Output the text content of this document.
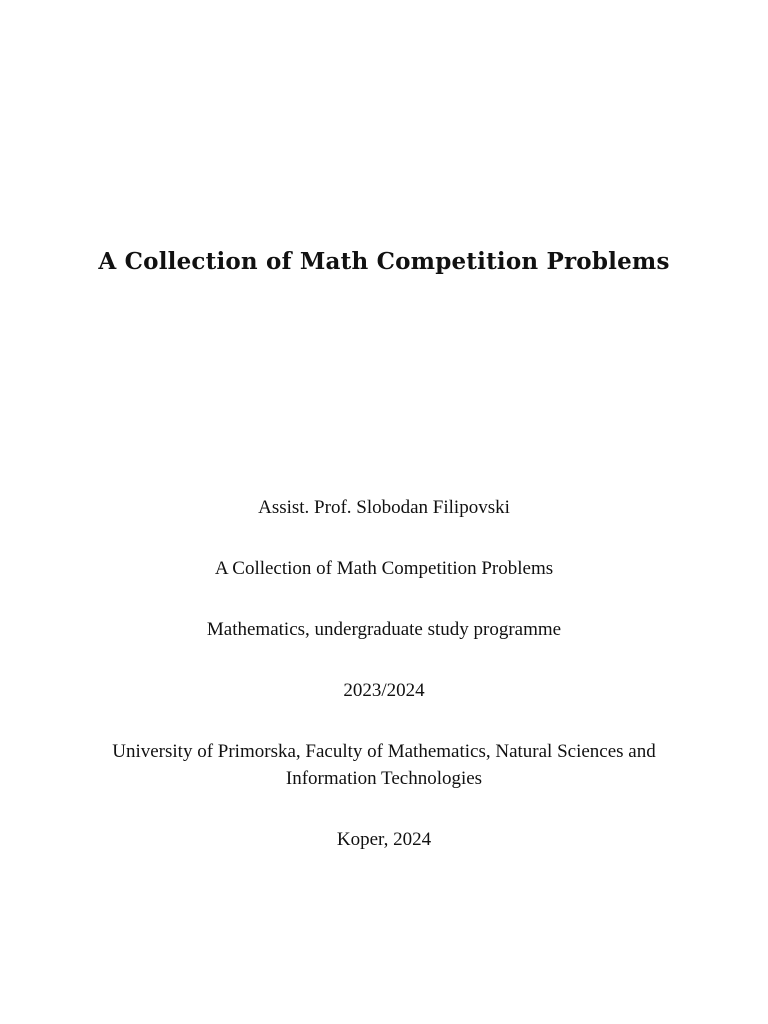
A Collection of Math Competition Problems
Assist. Prof. Slobodan Filipovski
A Collection of Math Competition Problems
Mathematics, undergraduate study programme
2023/2024
University of Primorska, Faculty of Mathematics, Natural Sciences and Information Technologies
Koper, 2024
